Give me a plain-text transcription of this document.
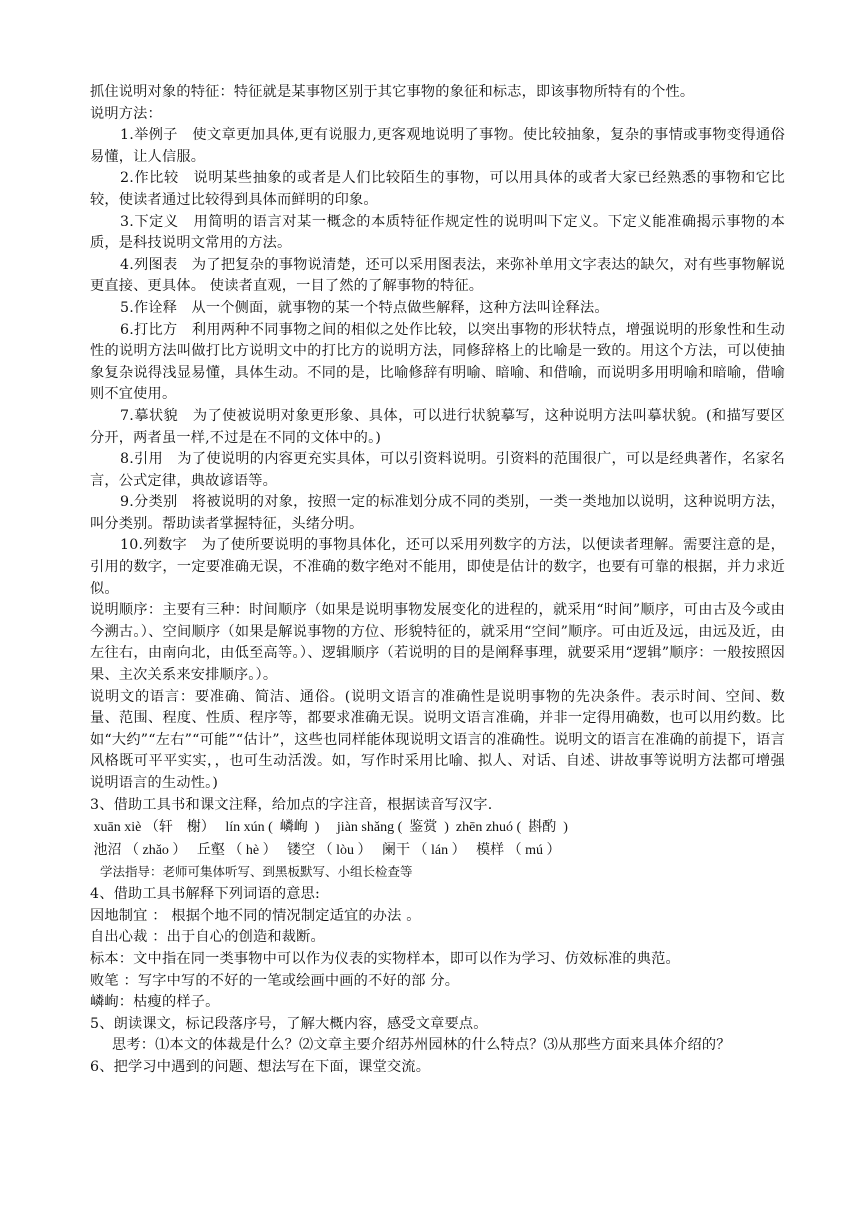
抓住说明对象的特征：特征就是某事物区别于其它事物的象征和标志，即该事物所特有的个性。

说明方法：

1.举例子　使文章更加具体,更有说服力,更客观地说明了事物。使比较抽象，复杂的事情或事物变得通俗易懂，让人信服。

2.作比较　说明某些抽象的或者是人们比较陌生的事物，可以用具体的或者大家已经熟悉的事物和它比较，使读者通过比较得到具体而鲜明的印象。

3.下定义　用简明的语言对某一概念的本质特征作规定性的说明叫下定义。下定义能准确揭示事物的本质，是科技说明文常用的方法。

4.列图表　为了把复杂的事物说清楚，还可以采用图表法，来弥补单用文字表达的缺欠，对有些事物解说更直接、更具体。 使读者直观，一目了然的了解事物的特征。

5.作诠释　从一个侧面，就事物的某一个特点做些解释，这种方法叫诠释法。

6.打比方　利用两种不同事物之间的相似之处作比较，以突出事物的形状特点，增强说明的形象性和生动性的说明方法叫做打比方说明文中的打比方的说明方法，同修辞格上的比喻是一致的。用这个方法，可以使抽象复杂说得浅显易懂，具体生动。不同的是，比喻修辞有明喻、暗喻、和借喻，而说明多用明喻和暗喻，借喻则不宜使用。

7.摹状貌　为了使被说明对象更形象、具体，可以进行状貌摹写，这种说明方法叫摹状貌。(和描写要区分开，两者虽一样,不过是在不同的文体中的。)

8.引用　为了使说明的内容更充实具体，可以引资料说明。引资料的范围很广，可以是经典著作，名家名言，公式定律，典故谚语等。

9.分类别　将被说明的对象，按照一定的标准划分成不同的类别，一类一类地加以说明，这种说明方法，叫分类别。帮助读者掌握特征，头绪分明。

10.列数字　为了使所要说明的事物具体化，还可以采用列数字的方法，以便读者理解。需要注意的是，引用的数字，一定要准确无误，不准确的数字绝对不能用，即使是估计的数字，也要有可靠的根据，并力求近似。

说明顺序：主要有三种：时间顺序（如果是说明事物发展变化的进程的，就采用“时间”顺序，可由古及今或由今溯古。）、空间顺序（如果是解说事物的方位、形貌特征的，就采用“空间”顺序。可由近及远，由远及近，由左往右，由南向北，由低至高等。）、逻辑顺序（若说明的目的是阐释事理，就要采用“逻辑”顺序：一般按照因果、主次关系来安排顺序。）。

说明文的语言：要准确、简洁、通俗。(说明文语言的准确性是说明事物的先决条件。表示时间、空间、数量、范围、程度、性质、程序等，都要求准确无误。说明文语言准确，并非一定得用确数，也可以用约数。比如“大约”“左右”“可能”“估计”，这些也同样能体现说明文语言的准确性。说明文的语言在准确的前提下，语言风格既可平平实实，，也可生动活泼。如，写作时采用比喻、拟人、对话、自述、讲故事等说明方法都可增强说明语言的生动性。)

3、借助工具书和课文注释，给加点的字注音，根据读音写汉字.

xuān xiè （轩　榭）　 lín xún (  嶙峋  )　 jiàn shǎng (  鉴赏  )  zhēn zhuó (  斟酌  )

池沼 （ zhǎo ）　 丘壑 （ hè ）　 镂空 （ lòu ）　 阑干 （ lán ）　 模样 （ mú ）

学法指导：老师可集体听写、到黑板默写、小组长检查等

4、借助工具书解释下列词语的意思:

因地制宜 ： 根据个地不同的情况制定适宜的办法 。

自出心裁 ：出于自心的创造和裁断。

标本：文中指在同一类事物中可以作为仪表的实物样本，即可以作为学习、仿效标准的典范。

败笔 ：写字中写的不好的一笔或绘画中画的不好的部 分。

嶙峋：枯瘦的样子。

5、朗读课文，标记段落序号，了解大概内容，感受文章要点。

思考：⑴本文的体裁是什么？⑵文章主要介绍苏州园林的什么特点？⑶从那些方面来具体介绍的？

6、把学习中遇到的问题、想法写在下面，课堂交流。
